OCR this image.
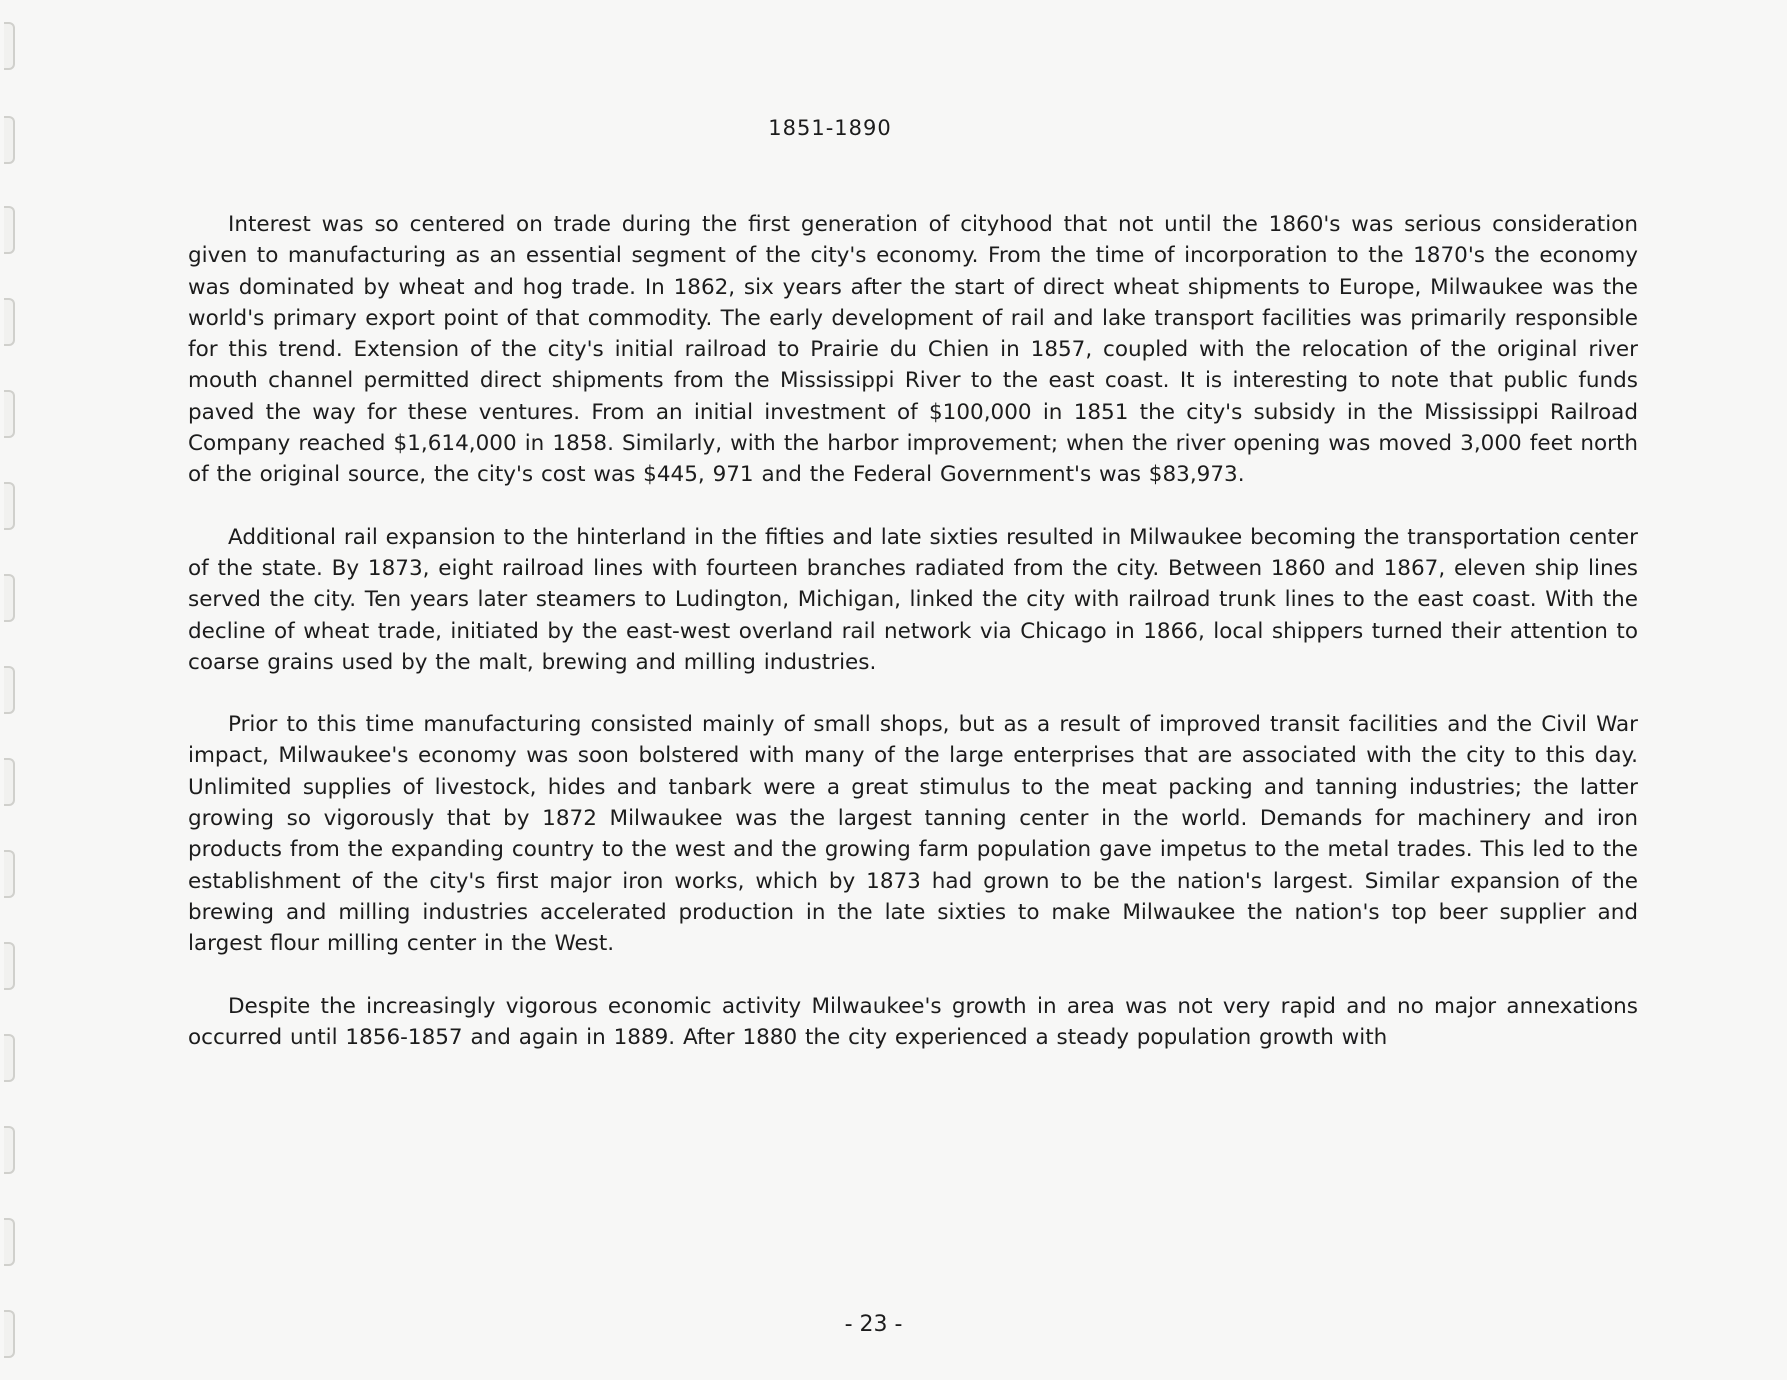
1851-1890

Interest was so centered on trade during the first generation of cityhood that not until the 1860's was serious consideration given to manufacturing as an essential segment of the city's economy. From the time of incorporation to the 1870's the economy was dominated by wheat and hog trade. In 1862, six years after the start of direct wheat shipments to Europe, Milwaukee was the world's primary export point of that commodity. The early development of rail and lake transport facilities was primarily responsible for this trend. Extension of the city's initial railroad to Prairie du Chien in 1857, coupled with the relocation of the original river mouth channel permitted direct shipments from the Mississippi River to the east coast. It is interesting to note that public funds paved the way for these ventures. From an initial investment of $100,000 in 1851 the city's subsidy in the Mississippi Railroad Company reached $1,614,000 in 1858. Similarly, with the harbor improvement; when the river opening was moved 3,000 feet north of the original source, the city's cost was $445, 971 and the Federal Government's was $83,973.

Additional rail expansion to the hinterland in the fifties and late sixties resulted in Milwaukee becoming the transportation center of the state. By 1873, eight railroad lines with fourteen branches radiated from the city. Between 1860 and 1867, eleven ship lines served the city. Ten years later steamers to Ludington, Michigan, linked the city with railroad trunk lines to the east coast. With the decline of wheat trade, initiated by the east-west overland rail network via Chicago in 1866, local shippers turned their attention to coarse grains used by the malt, brewing and milling industries.

Prior to this time manufacturing consisted mainly of small shops, but as a result of improved transit facilities and the Civil War impact, Milwaukee's economy was soon bolstered with many of the large enterprises that are associated with the city to this day. Unlimited supplies of livestock, hides and tanbark were a great stimulus to the meat packing and tanning industries; the latter growing so vigorously that by 1872 Milwaukee was the largest tanning center in the world. Demands for machinery and iron products from the expanding country to the west and the growing farm population gave impetus to the metal trades. This led to the establishment of the city's first major iron works, which by 1873 had grown to be the nation's largest. Similar expansion of the brewing and milling industries accelerated production in the late sixties to make Milwaukee the nation's top beer supplier and largest flour milling center in the West.

Despite the increasingly vigorous economic activity Milwaukee's growth in area was not very rapid and no major annexations occurred until 1856-1857 and again in 1889. After 1880 the city experienced a steady population growth with

- 23 -
